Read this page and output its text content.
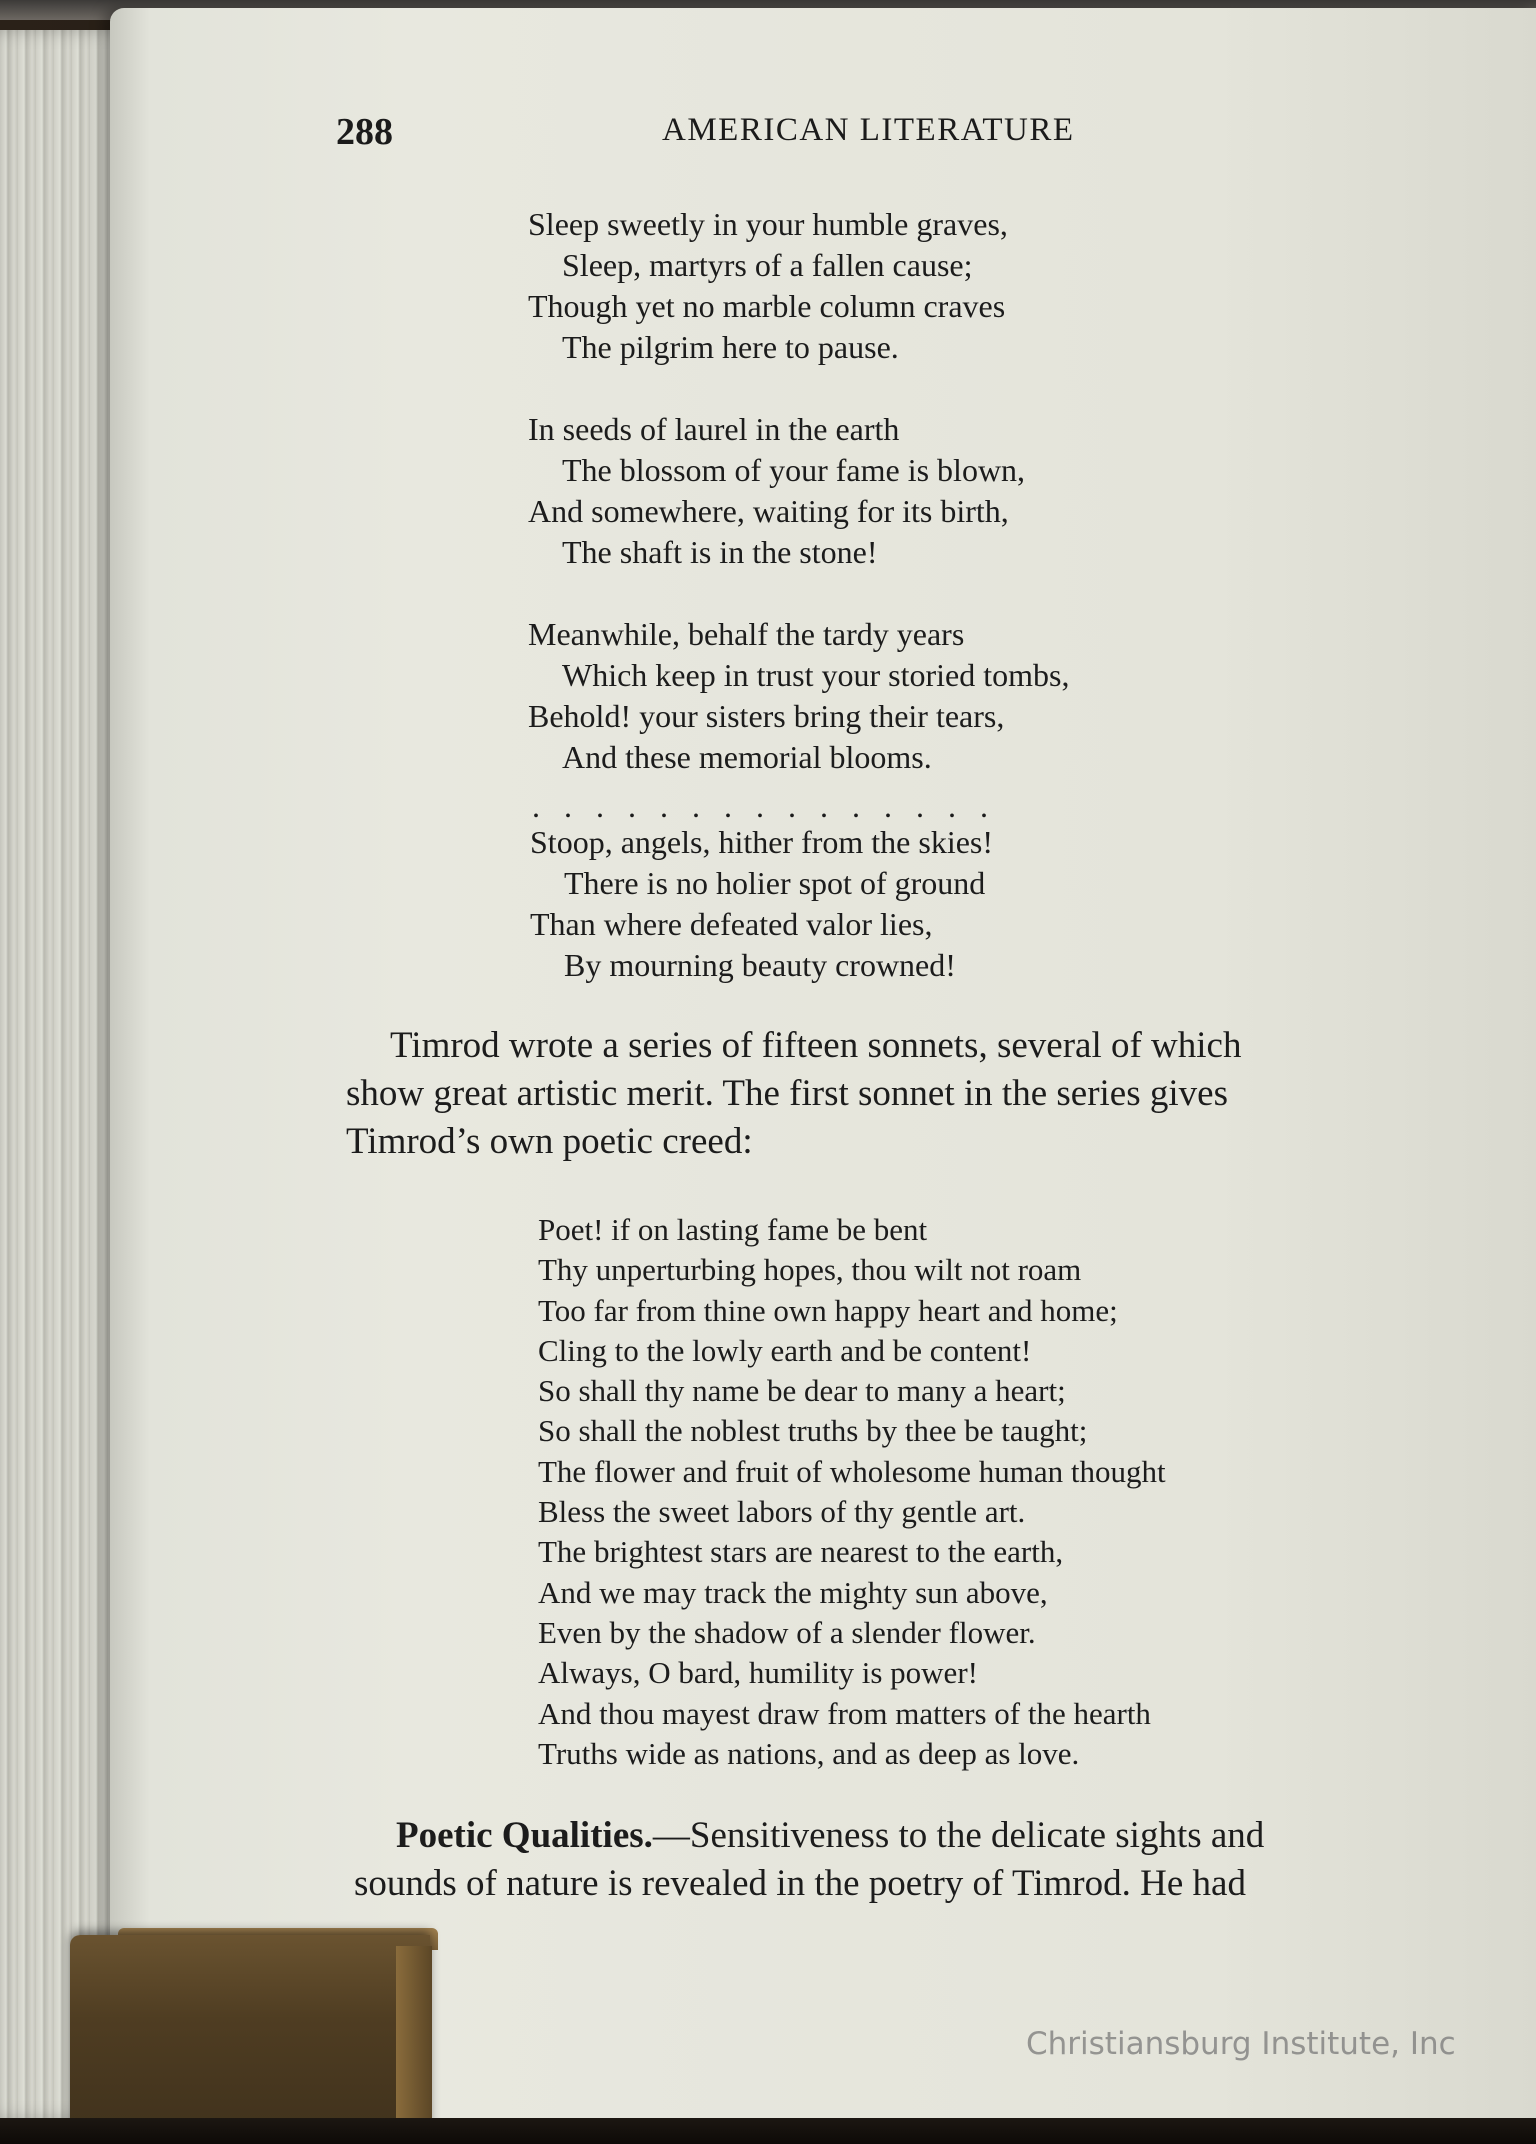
288	AMERICAN LITERATURE
Sleep sweetly in your humble graves,
Sleep, martyrs of a fallen cause;
Though yet no marble column craves
The pilgrim here to pause.
In seeds of laurel in the earth
The blossom of your fame is blown,
And somewhere, waiting for its birth,
The shaft is in the stone!
Meanwhile, behalf the tardy years
Which keep in trust your storied tombs,
Behold! your sisters bring their tears,
And these memorial blooms.
. . . . . . . . . . . . . . .
Stoop, angels, hither from the skies!
There is no holier spot of ground
Than where defeated valor lies,
By mourning beauty crowned!
Timrod wrote a series of fifteen sonnets, several of which
show great artistic merit. The first sonnet in the series gives
Timrod’s own poetic creed:
Poet! if on lasting fame be bent
Thy unperturbing hopes, thou wilt not roam
Too far from thine own happy heart and home;
Cling to the lowly earth and be content!
So shall thy name be dear to many a heart;
So shall the noblest truths by thee be taught;
The flower and fruit of wholesome human thought
Bless the sweet labors of thy gentle art.
The brightest stars are nearest to the earth,
And we may track the mighty sun above,
Even by the shadow of a slender flower.
Always, O bard, humility is power!
And thou mayest draw from matters of the hearth
Truths wide as nations, and as deep as love.
Poetic Qualities.—Sensitiveness to the delicate sights and
sounds of nature is revealed in the poetry of Timrod. He had
Christiansburg Institute, Inc
